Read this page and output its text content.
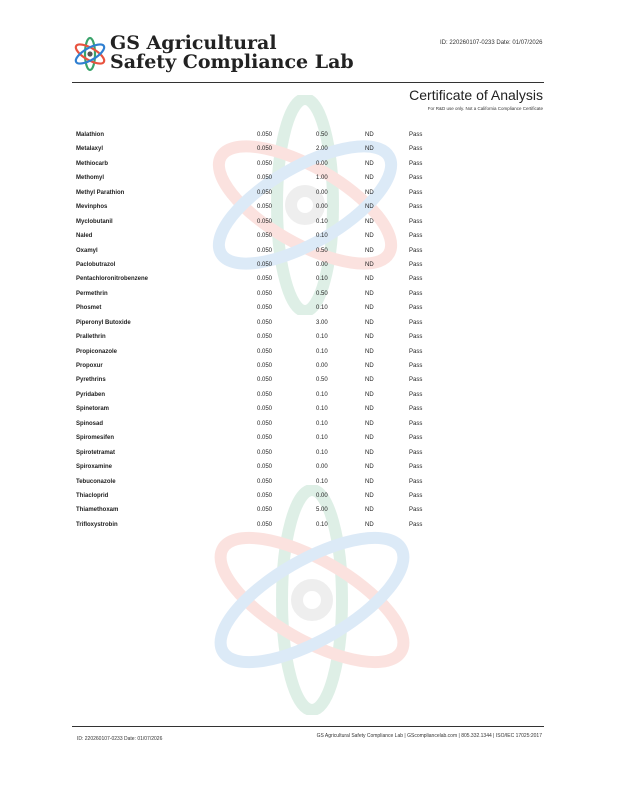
GS Agricultural
Safety Compliance Lab
ID: 220260107-0233 Date: 01/07/2026
Certificate of Analysis
For R&D use only. Not a California Compliance Certificate
Malathion	0.050	0.50	ND	Pass
Metalaxyl	0.050	2.00	ND	Pass
Methiocarb	0.050	0.00	ND	Pass
Methomyl	0.050	1.00	ND	Pass
Methyl Parathion	0.050	0.00	ND	Pass
Mevinphos	0.050	0.00	ND	Pass
Myclobutanil	0.050	0.10	ND	Pass
Naled	0.050	0.10	ND	Pass
Oxamyl	0.050	0.50	ND	Pass
Paclobutrazol	0.050	0.00	ND	Pass
Pentachloronitrobenzene	0.050	0.10	ND	Pass
Permethrin	0.050	0.50	ND	Pass
Phosmet	0.050	0.10	ND	Pass
Piperonyl Butoxide	0.050	3.00	ND	Pass
Prallethrin	0.050	0.10	ND	Pass
Propiconazole	0.050	0.10	ND	Pass
Propoxur	0.050	0.00	ND	Pass
Pyrethrins	0.050	0.50	ND	Pass
Pyridaben	0.050	0.10	ND	Pass
Spinetoram	0.050	0.10	ND	Pass
Spinosad	0.050	0.10	ND	Pass
Spiromesifen	0.050	0.10	ND	Pass
Spirotetramat	0.050	0.10	ND	Pass
Spiroxamine	0.050	0.00	ND	Pass
Tebuconazole	0.050	0.10	ND	Pass
Thiacloprid	0.050	0.00	ND	Pass
Thiamethoxam	0.050	5.00	ND	Pass
Trifloxystrobin	0.050	0.10	ND	Pass
ID: 220260107-0233 Date: 01/07/2026	GS Agricultural Safety Compliance Lab | GScompliancelab.com | 805.332.1344 | ISO/IEC 17025:2017
